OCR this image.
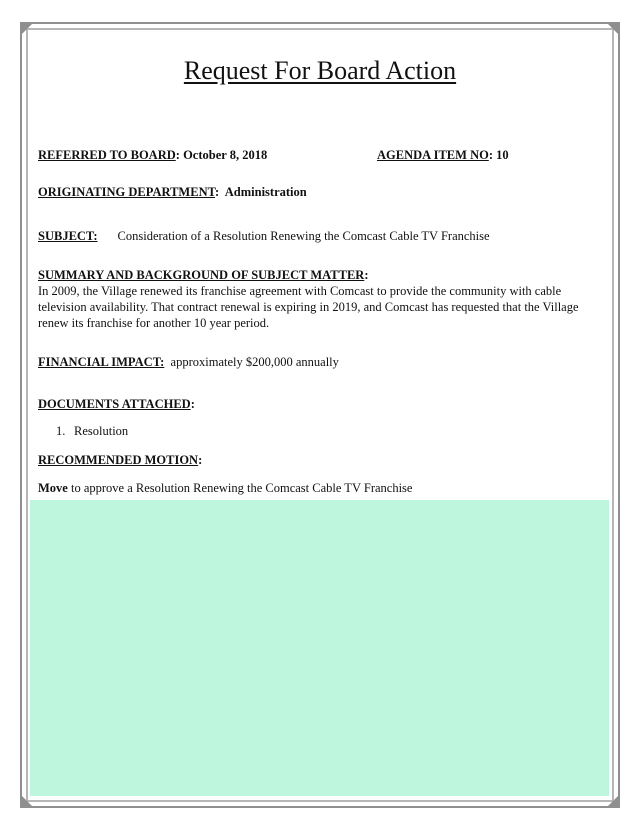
Request For Board Action
REFERRED TO BOARD: October 8, 2018	AGENDA ITEM NO: 10
ORIGINATING DEPARTMENT:  Administration
SUBJECT: Consideration of a Resolution Renewing the Comcast Cable TV Franchise
SUMMARY AND BACKGROUND OF SUBJECT MATTER:
In 2009, the Village renewed its franchise agreement with Comcast to provide the community with cable television availability. That contract renewal is expiring in 2019, and Comcast has requested that the Village renew its franchise for another 10 year period.
FINANCIAL IMPACT: approximately $200,000 annually
DOCUMENTS ATTACHED:
1. Resolution
RECOMMENDED MOTION:
Move to approve a Resolution Renewing the Comcast Cable TV Franchise
